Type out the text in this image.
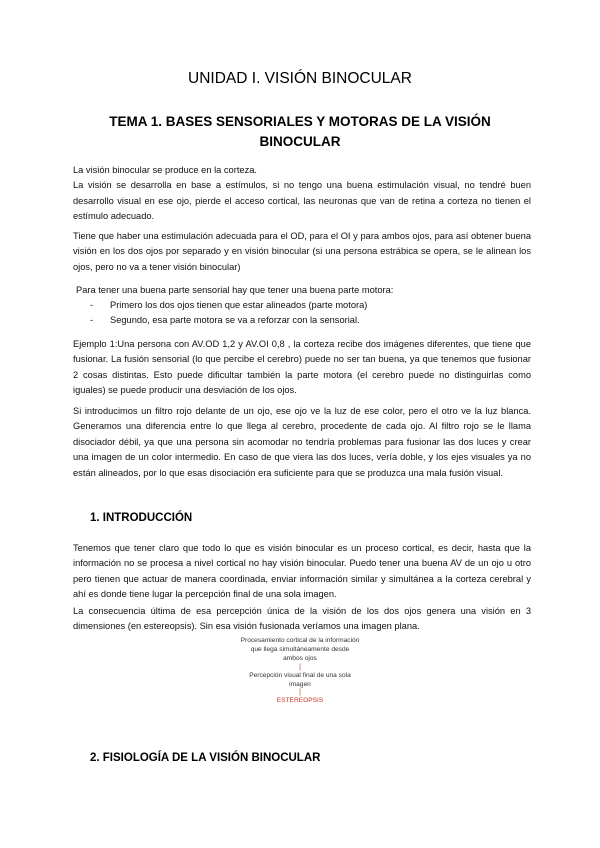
UNIDAD I. VISIÓN BINOCULAR
TEMA 1. BASES SENSORIALES Y MOTORAS DE LA VISIÓN BINOCULAR
La visión binocular se produce en la corteza.
La visión se desarrolla en base a estímulos, si no tengo una buena estimulación visual, no tendré buen desarrollo visual en ese ojo, pierde el acceso cortical, las neuronas que van de retina a corteza no tienen el estímulo adecuado.

Tiene que haber una estimulación adecuada para el OD, para el OI y para ambos ojos, para así obtener buena visión en los dos ojos por separado y en visión binocular (si una persona estrábica se opera, se le alinean los ojos, pero no va a tener visión binocular)

Para tener una buena parte sensorial hay que tener una buena parte motora:
- Primero los dos ojos tienen que estar alineados (parte motora)
- Segundo, esa parte motora se va a reforzar con la sensorial.

Ejemplo 1:Una persona con AV.OD 1,2 y AV.OI 0,8 , la corteza recibe dos imágenes diferentes, que tiene que fusionar. La fusión sensorial (lo que percibe el cerebro) puede no ser tan buena, ya que tenemos que fusionar 2 cosas distintas. Esto puede dificultar también la parte motora (el cerebro puede no distinguirlas como iguales) se puede producir una desviación de los ojos.

Si introducimos un filtro rojo delante de un ojo, ese ojo ve la luz de ese color, pero el otro ve la luz blanca. Generamos una diferencia entre lo que llega al cerebro, procedente de cada ojo. Al filtro rojo se le llama disociador débil, ya que una persona sin acomodar no tendría problemas para fusionar las dos luces y crear una imagen de un color intermedio. En caso de que viera las dos luces, vería doble, y los ejes visuales ya no están alineados, por lo que esas disociación era suficiente para que se produzca una mala fusión visual.

1. INTRODUCCIÓN

Tenemos que tener claro que todo lo que es visión binocular es un proceso cortical, es decir, hasta que la información no se procesa a nivel cortical no hay visión binocular. Puedo tener una buena AV de un ojo u otro pero tienen que actuar de manera coordinada, enviar información similar y simultánea a la corteza cerebral y ahí es donde tiene lugar la percepción final de una sola imagen.

La consecuencia última de esa percepción única de la visión de los dos ojos genera una visión en 3 dimensiones (en estereopsis). Sin esa visión fusionada veríamos una imagen plana.

Procesamiento cortical de la información
que llega simultáneamente desde
ambos ojos
|
Percepción visual final de una sola
imagen
|
ESTEREOPSIS
2. FISIOLOGÍA DE LA VISIÓN BINOCULAR
